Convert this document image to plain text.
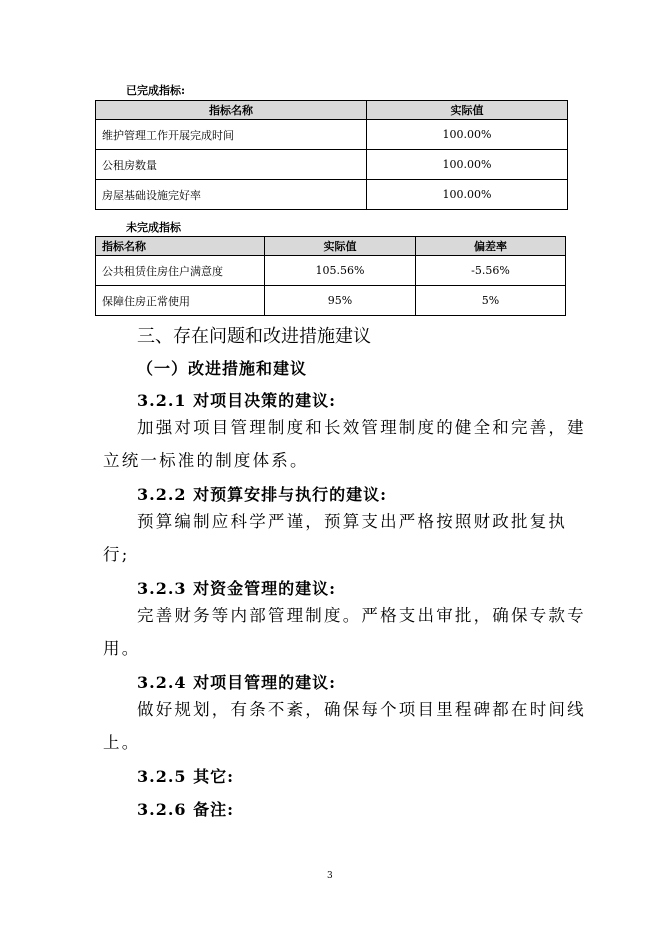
已完成指标:
指标名称	实际值
维护管理工作开展完成时间	100.00%
公租房数量	100.00%
房屋基础设施完好率	100.00%
未完成指标
指标名称	实际值	偏差率
公共租赁住房住户满意度	105.56%	-5.56%
保障住房正常使用	95%	5%
三、存在问题和改进措施建议
（一）改进措施和建议
3.2.1 对项目决策的建议:
加强对项目管理制度和长效管理制度的健全和完善，建
立统一标准的制度体系。
3.2.2 对预算安排与执行的建议:
预算编制应科学严谨，预算支出严格按照财政批复执
行;
3.2.3 对资金管理的建议:
完善财务等内部管理制度。严格支出审批，确保专款专
用。
3.2.4 对项目管理的建议:
做好规划，有条不紊，确保每个项目里程碑都在时间线
上。
3.2.5 其它:
3.2.6 备注:
3
